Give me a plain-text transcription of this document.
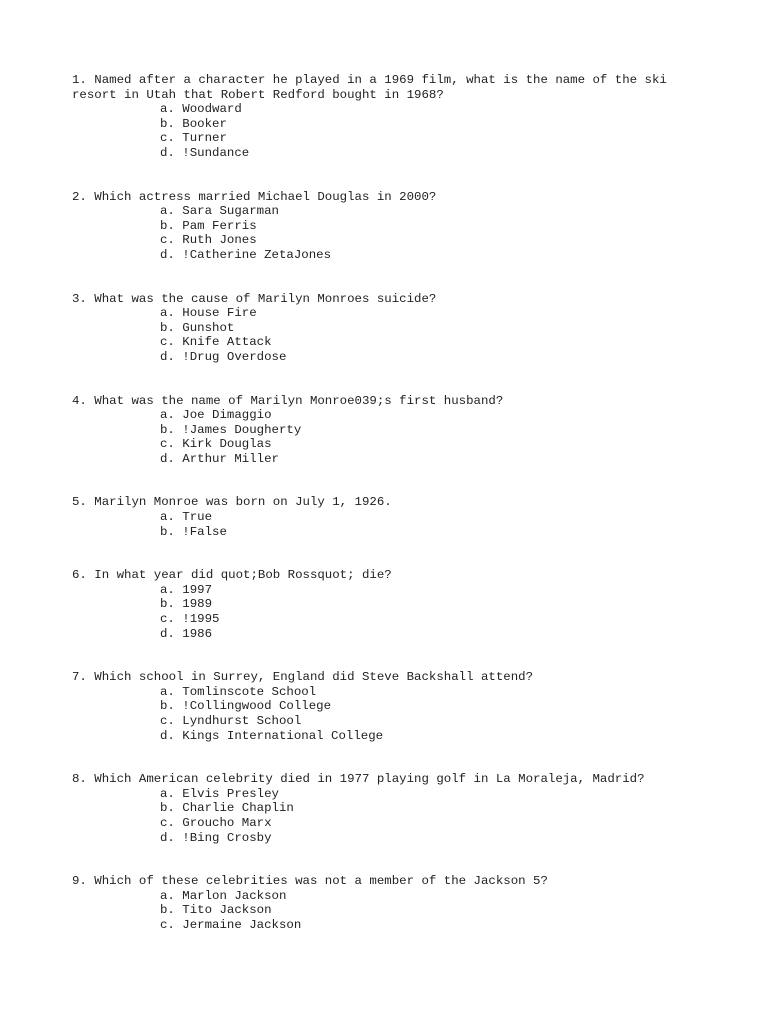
1. Named after a character he played in a 1969 film, what is the name of the ski resort in Utah that Robert Redford bought in 1968?
a. Woodward
b. Booker
c. Turner
d. !Sundance
2. Which actress married Michael Douglas in 2000?
a. Sara Sugarman
b. Pam Ferris
c. Ruth Jones
d. !Catherine ZetaJones
3. What was the cause of Marilyn Monroes suicide?
a. House Fire
b. Gunshot
c. Knife Attack
d. !Drug Overdose
4. What was the name of Marilyn Monroe039;s first husband?
a. Joe Dimaggio
b. !James Dougherty
c. Kirk Douglas
d. Arthur Miller
5. Marilyn Monroe was born on July 1, 1926.
a. True
b. !False
6. In what year did quot;Bob Rossquot; die?
a. 1997
b. 1989
c. !1995
d. 1986
7. Which school in Surrey, England did Steve Backshall attend?
a. Tomlinscote School
b. !Collingwood College
c. Lyndhurst School
d. Kings International College
8. Which American celebrity died in 1977 playing golf in La Moraleja, Madrid?
a. Elvis Presley
b. Charlie Chaplin
c. Groucho Marx
d. !Bing Crosby
9. Which of these celebrities was not a member of the Jackson 5?
a. Marlon Jackson
b. Tito Jackson
c. Jermaine Jackson
